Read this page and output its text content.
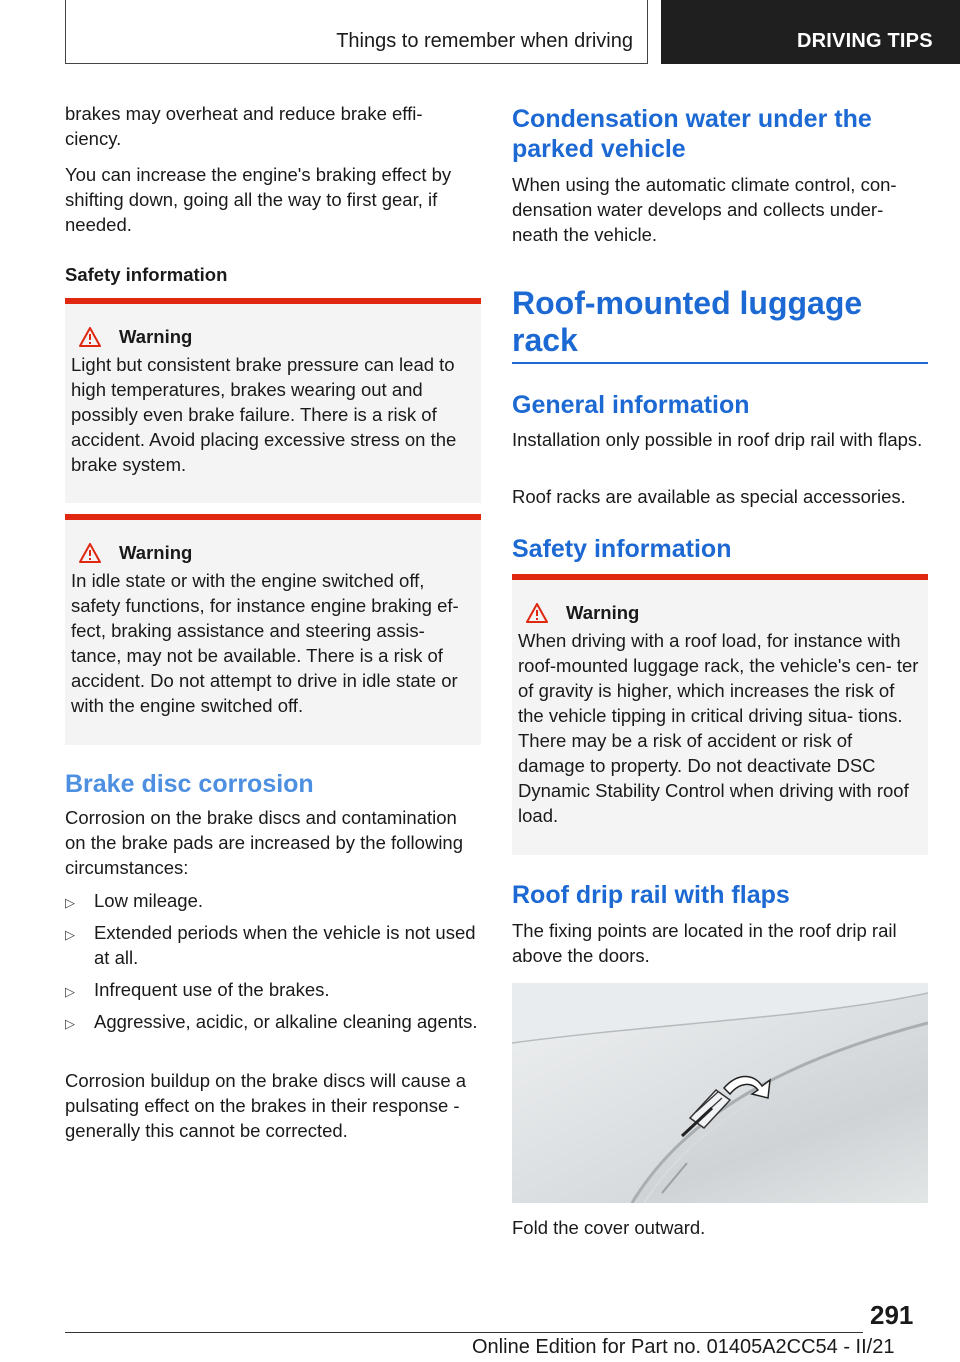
Things to remember when driving	DRIVING TIPS

brakes may overheat and reduce brake effi‐ ciency.

You can increase the engine's braking effect by shifting down, going all the way to first gear, if needed.

Safety information

Warning

Light but consistent brake pressure can lead to high temperatures, brakes wearing out and possibly even brake failure. There is a risk of accident. Avoid placing excessive stress on the brake system.

Warning

In idle state or with the engine switched off, safety functions, for instance engine braking ef‐ fect, braking assistance and steering assis‐ tance, may not be available. There is a risk of accident. Do not attempt to drive in idle state or with the engine switched off.

Brake disc corrosion

Corrosion on the brake discs and contamination on the brake pads are increased by the following circumstances:

▷ Low mileage.
▷ Extended periods when the vehicle is not used at all.
▷ Infrequent use of the brakes.
▷ Aggressive, acidic, or alkaline cleaning agents.

Corrosion buildup on the brake discs will cause a pulsating effect on the brakes in their response - generally this cannot be corrected.

Condensation water under the parked vehicle

When using the automatic climate control, con‐ densation water develops and collects under‐ neath the vehicle.

Roof-mounted luggage rack

General information

Installation only possible in roof drip rail with flaps.

Roof racks are available as special accessories.

Safety information

Warning

When driving with a roof load, for instance with roof-mounted luggage rack, the vehicle's cen‐ ter of gravity is higher, which increases the risk of the vehicle tipping in critical driving situa‐ tions. There may be a risk of accident or risk of damage to property. Do not deactivate DSC Dynamic Stability Control when driving with roof load.

Roof drip rail with flaps

The fixing points are located in the roof drip rail above the doors.

Fold the cover outward.

291
Online Edition for Part no. 01405A2CC54 - II/21
